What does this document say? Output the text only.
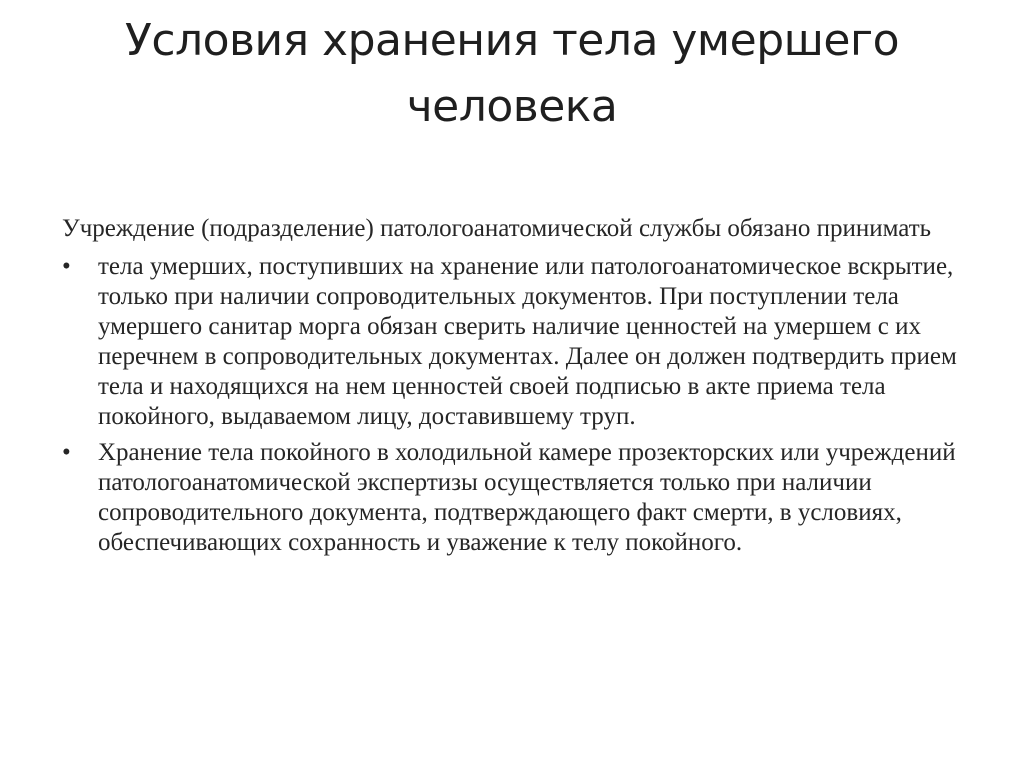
Условия хранения тела умершего человека

Учреждение (подразделение) патологоанатомической службы обязано принимать

•	тела умерших, поступивших на хранение или патологоанатомическое вскрытие, только при наличии сопроводительных документов. При поступлении тела умершего санитар морга обязан сверить наличие ценностей на умершем с их перечнем в сопроводительных документах. Далее он должен подтвердить прием тела и находящихся на нем ценностей своей подписью в акте приема тела покойного, выдаваемом лицу, доставившему труп.
•	Хранение тела покойного в холодильной камере прозекторских или учреждений патологоанатомической экспертизы осуществляется только при наличии сопроводительного документа, подтверждающего факт смерти, в условиях, обеспечивающих сохранность и уважение к телу покойного.
